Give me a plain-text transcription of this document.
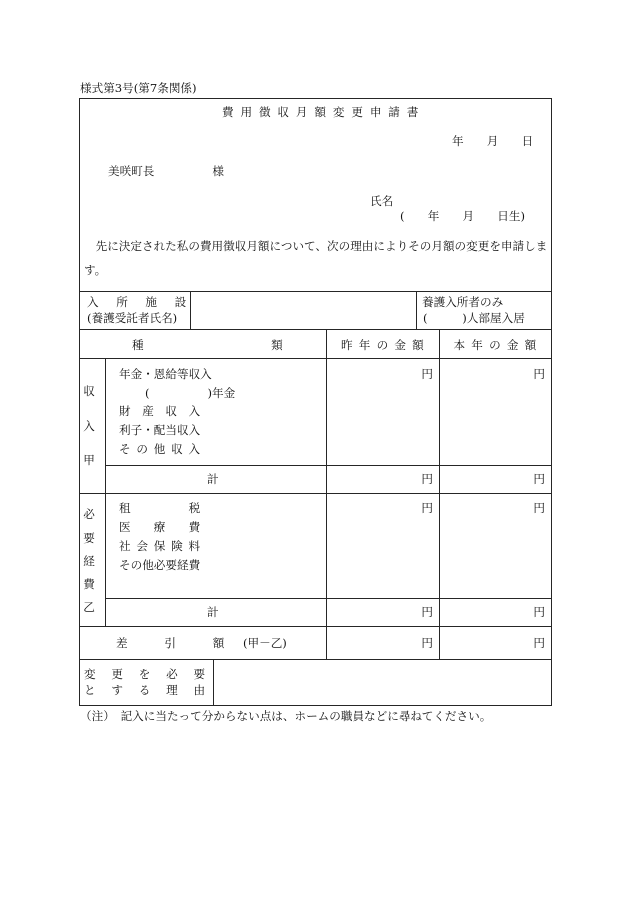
様式第3号(第7条関係)
費 用 徴 収 月 額 変 更 申 請 書
年　　月　　日
美咲町長　　　　　様
氏名
(　　年　　月　　日生)
先に決定された私の費用徴収月額について、次の理由によりその月額の変更を申請します。
入　所　施　設
(養護受託者氏名)
養護入所者のみ
(　　　)人部屋入居
種　　　　　　　　　　　類	昨 年 の 金 額	本 年 の 金 額
収入甲
年金・恩給等収入
(　　　　　)年金
財　産　収　入
利子・配当収入
そ の 他 収 入
円	円
計	円	円
必要経費乙
租　　　　　税
医　　療　　費
社 会 保 険 料
その他必要経費
円	円
計	円	円
差　　　引　　　額 (甲－乙)	円	円
変　更　を　必　要
と　す　る　理　由
（注）　記入に当たって分からない点は、ホームの職員などに尋ねてください。
